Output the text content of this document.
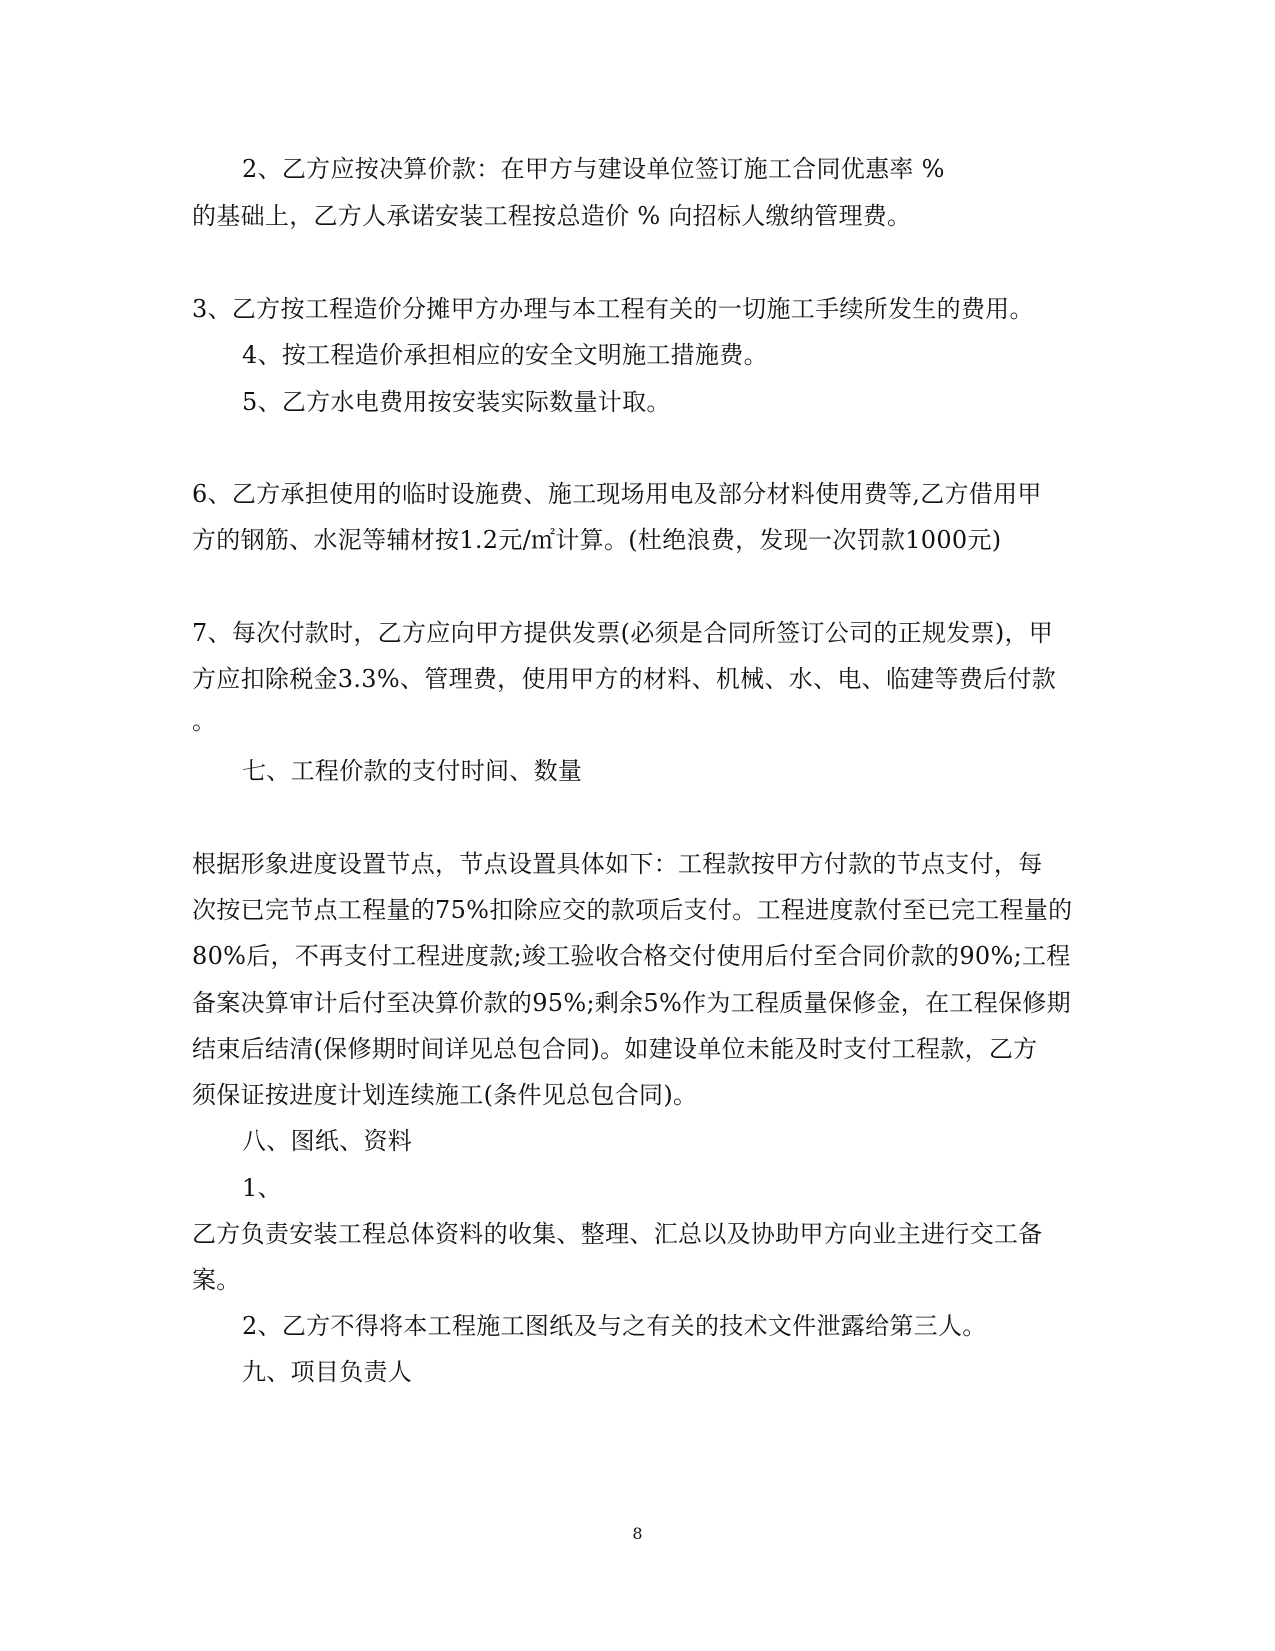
2、乙方应按决算价款：在甲方与建设单位签订施工合同优惠率 %
的基础上，乙方人承诺安装工程按总造价 % 向招标人缴纳管理费。
3、乙方按工程造价分摊甲方办理与本工程有关的一切施工手续所发生的费用。
4、按工程造价承担相应的安全文明施工措施费。
5、乙方水电费用按安装实际数量计取。
6、乙方承担使用的临时设施费、施工现场用电及部分材料使用费等,乙方借用甲
方的钢筋、水泥等辅材按1.2元/㎡计算。(杜绝浪费，发现一次罚款1000元)
7、每次付款时，乙方应向甲方提供发票(必须是合同所签订公司的正规发票)，甲
方应扣除税金3.3%、管理费，使用甲方的材料、机械、水、电、临建等费后付款
。
七、工程价款的支付时间、数量
根据形象进度设置节点，节点设置具体如下：工程款按甲方付款的节点支付，每
次按已完节点工程量的75%扣除应交的款项后支付。工程进度款付至已完工程量的
80%后，不再支付工程进度款;竣工验收合格交付使用后付至合同价款的90%;工程
备案决算审计后付至决算价款的95%;剩余5%作为工程质量保修金，在工程保修期
结束后结清(保修期时间详见总包合同)。如建设单位未能及时支付工程款，乙方
须保证按进度计划连续施工(条件见总包合同)。
八、图纸、资料
1、
乙方负责安装工程总体资料的收集、整理、汇总以及协助甲方向业主进行交工备
案。
2、乙方不得将本工程施工图纸及与之有关的技术文件泄露给第三人。
九、项目负责人
8
